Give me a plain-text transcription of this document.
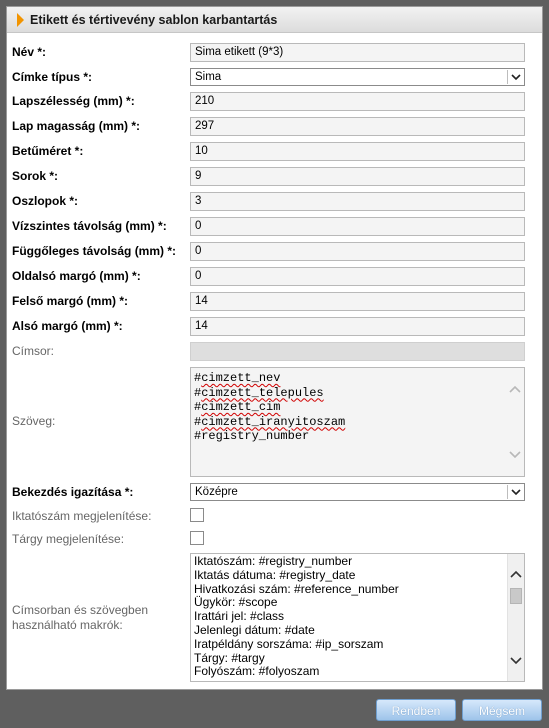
Etikett és tértivevény sablon karbantartás
Név *:	Sima etikett (9*3)
Címke típus *:	Sima
Lapszélesség (mm) *:	210
Lap magasság (mm) *:	297
Betűméret *:	10
Sorok *:	9
Oszlopok *:	3
Vízszintes távolság (mm) *:	0
Függőleges távolság (mm) *:	0
Oldalsó margó (mm) *:	0
Felső margó (mm) *:	14
Alsó margó (mm) *:	14
Címsor:
Szöveg:
#cimzett_nev
#cimzett_telepules
#cimzett_cim
#cimzett_iranyitoszam
#registry_number
Bekezdés igazítása *:	Középre
Iktatószám megjelenítése:
Tárgy megjelenítése:
Címsorban és szövegben
használható makrók:
Iktatószám: #registry_number
Iktatás dátuma: #registry_date
Hivatkozási szám: #reference_number
Ügykör: #scope
Irattári jel: #class
Jelenlegi dátum: #date
Iratpéldány sorszáma: #ip_sorszam
Tárgy: #targy
Folyószám: #folyoszam
Rendben	Mégsem
